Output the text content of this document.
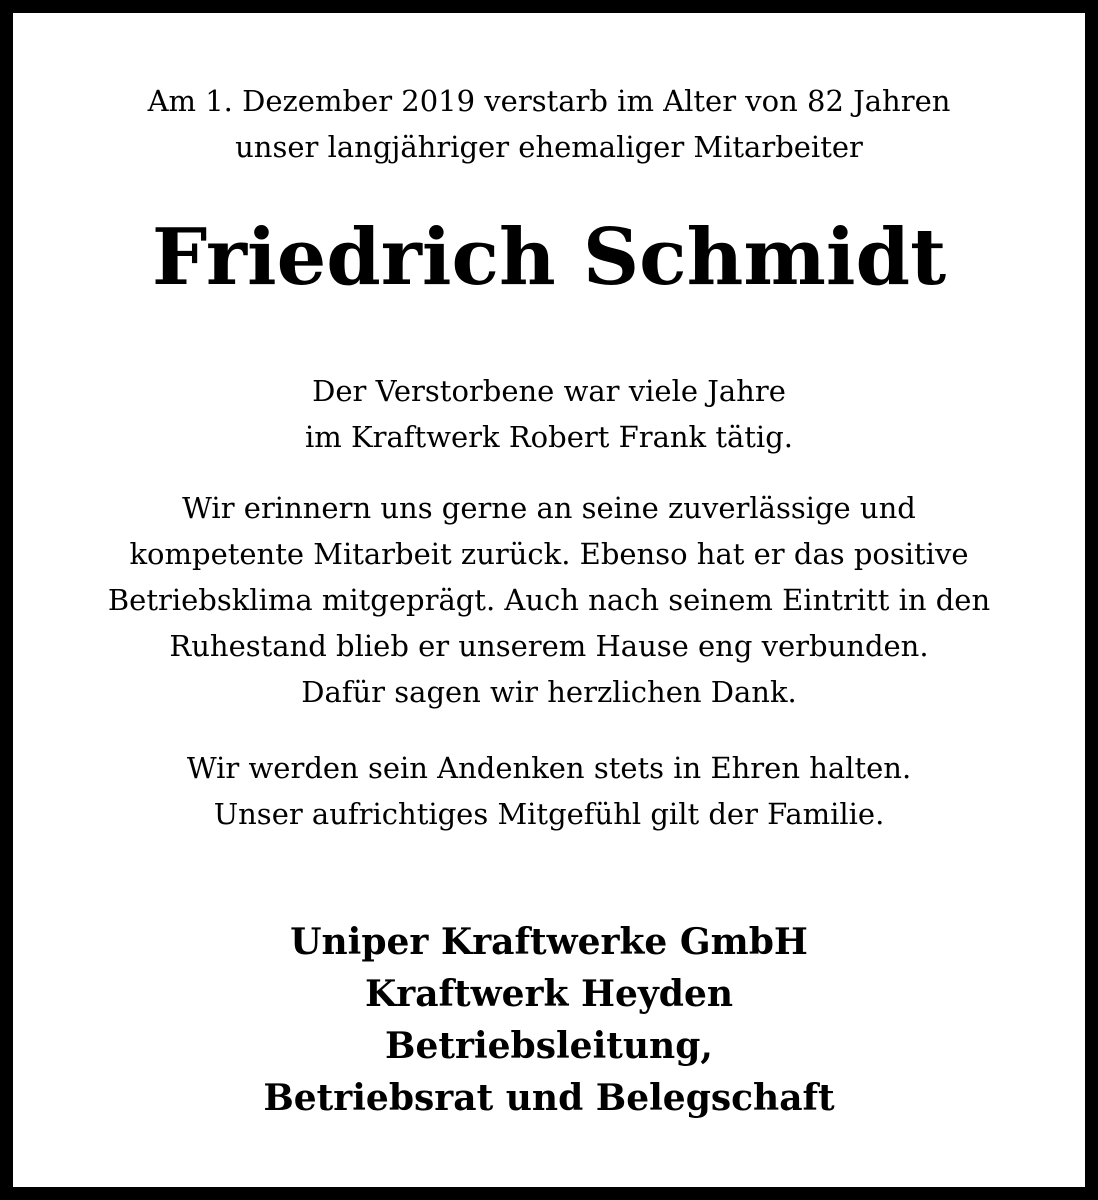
Am 1. Dezember 2019 verstarb im Alter von 82 Jahren
unser langjähriger ehemaliger Mitarbeiter
Friedrich Schmidt
Der Verstorbene war viele Jahre
im Kraftwerk Robert Frank tätig.
Wir erinnern uns gerne an seine zuverlässige und
kompetente Mitarbeit zurück. Ebenso hat er das positive
Betriebsklima mitgeprägt. Auch nach seinem Eintritt in den
Ruhestand blieb er unserem Hause eng verbunden.
Dafür sagen wir herzlichen Dank.
Wir werden sein Andenken stets in Ehren halten.
Unser aufrichtiges Mitgefühl gilt der Familie.
Uniper Kraftwerke GmbH
Kraftwerk Heyden
Betriebsleitung,
Betriebsrat und Belegschaft
